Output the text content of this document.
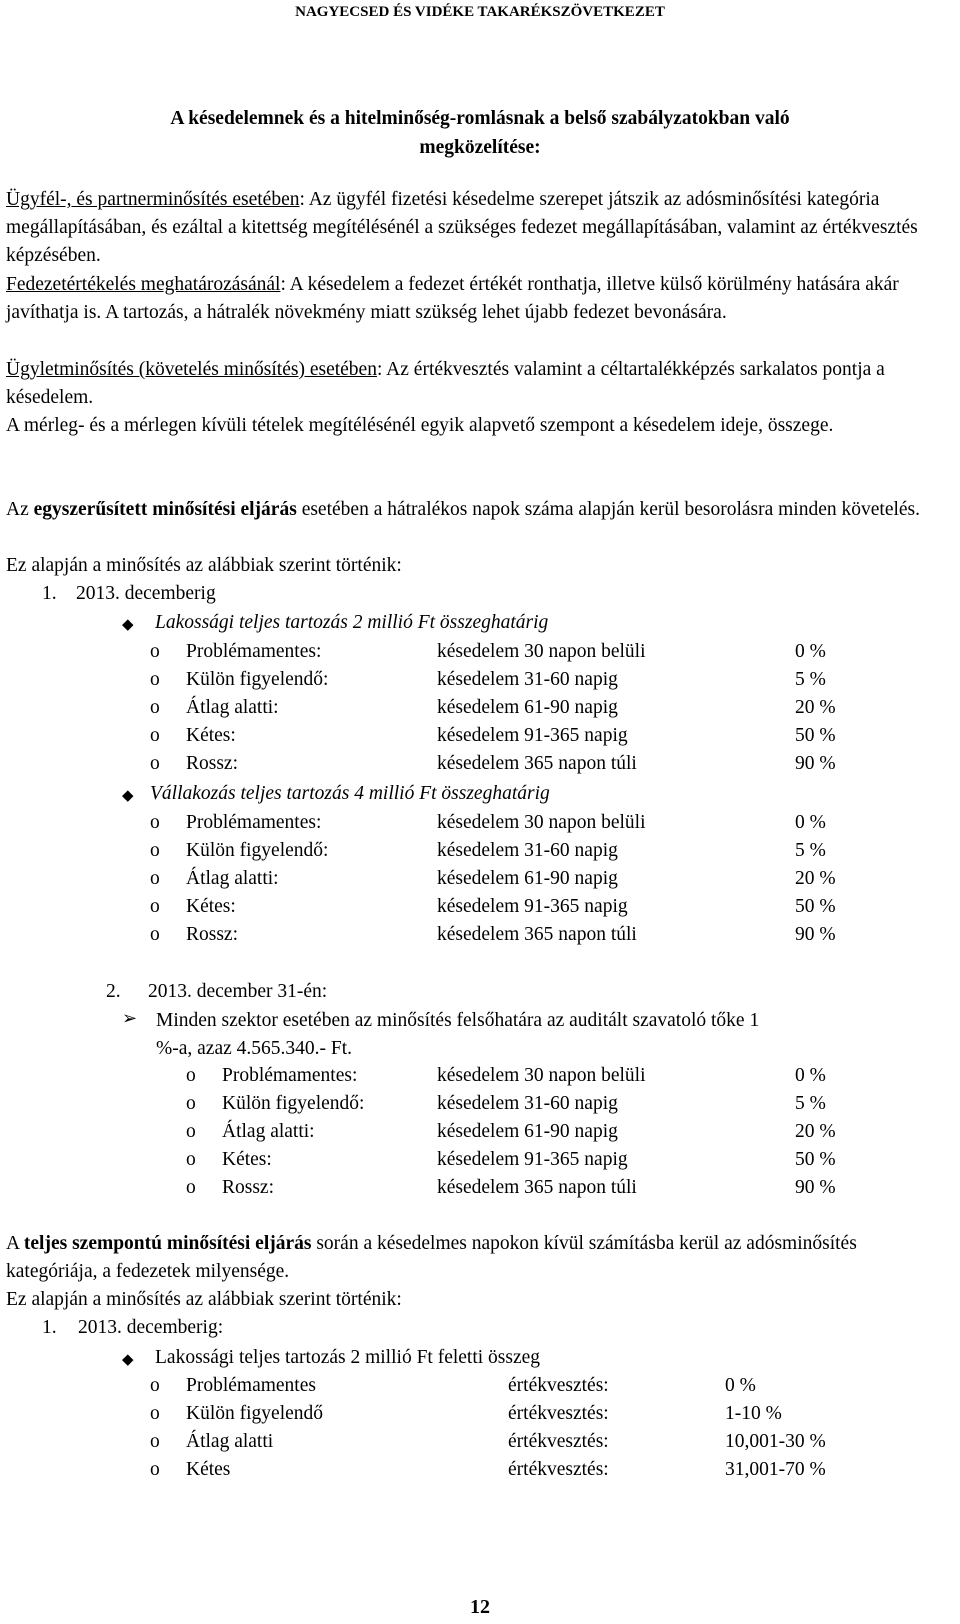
NAGYECSED ÉS VIDÉKE TAKARÉKSZÖVETKEZET
A késedelemnek és a hitelminőség-romlásnak a belső szabályzatokban való
megközelítése:
Ügyfél-, és partnerminősítés esetében: Az ügyfél fizetési késedelme szerepet játszik az adósminősítési kategória megállapításában, és ezáltal a kitettség megítélésénél a szükséges fedezet megállapításában, valamint az értékvesztés képzésében.
Fedezetértékelés meghatározásánál: A késedelem a fedezet értékét ronthatja, illetve külső körülmény hatására akár javíthatja is. A tartozás, a hátralék növekmény miatt szükség lehet újabb fedezet bevonására.
Ügyletminősítés (követelés minősítés) esetében: Az értékvesztés valamint a céltartalékképzés sarkalatos pontja a késedelem.
A mérleg- és a mérlegen kívüli tételek megítélésénél egyik alapvető szempont a késedelem ideje, összege.
Az egyszerűsített minősítési eljárás esetében a hátralékos napok száma alapján kerül besorolásra minden követelés.
Ez alapján a minősítés az alábbiak szerint történik:
1. 2013. decemberig
◆ Lakossági teljes tartozás 2 millió Ft összeghatárig
o Problémamentes:	késedelem 30 napon belüli	0 %
o Külön figyelendő:	késedelem 31-60 napig	5 %
o Átlag alatti:	késedelem 61-90 napig	20 %
o Kétes:	késedelem 91-365 napig	50 %
o Rossz:	késedelem 365 napon túli	90 %
◆ Vállakozás teljes tartozás 4 millió Ft összeghatárig
o Problémamentes:	késedelem 30 napon belüli	0 %
o Külön figyelendő:	késedelem 31-60 napig	5 %
o Átlag alatti:	késedelem 61-90 napig	20 %
o Kétes:	késedelem 91-365 napig	50 %
o Rossz:	késedelem 365 napon túli	90 %
2. 2013. december 31-én:
➢ Minden szektor esetében az minősítés felsőhatára az auditált szavatoló tőke 1
%-a, azaz 4.565.340.- Ft.
o Problémamentes:	késedelem 30 napon belüli	0 %
o Külön figyelendő:	késedelem 31-60 napig	5 %
o Átlag alatti:	késedelem 61-90 napig	20 %
o Kétes:	késedelem 91-365 napig	50 %
o Rossz:	késedelem 365 napon túli	90 %
A teljes szempontú minősítési eljárás során a késedelmes napokon kívül számításba kerül az adósminősítés kategóriája, a fedezetek milyensége.
Ez alapján a minősítés az alábbiak szerint történik:
1. 2013. decemberig:
◆ Lakossági teljes tartozás 2 millió Ft feletti összeg
o Problémamentes	értékvesztés:	0 %
o Külön figyelendő	értékvesztés:	1-10 %
o Átlag alatti	értékvesztés:	10,001-30 %
o Kétes	értékvesztés:	31,001-70 %
12
